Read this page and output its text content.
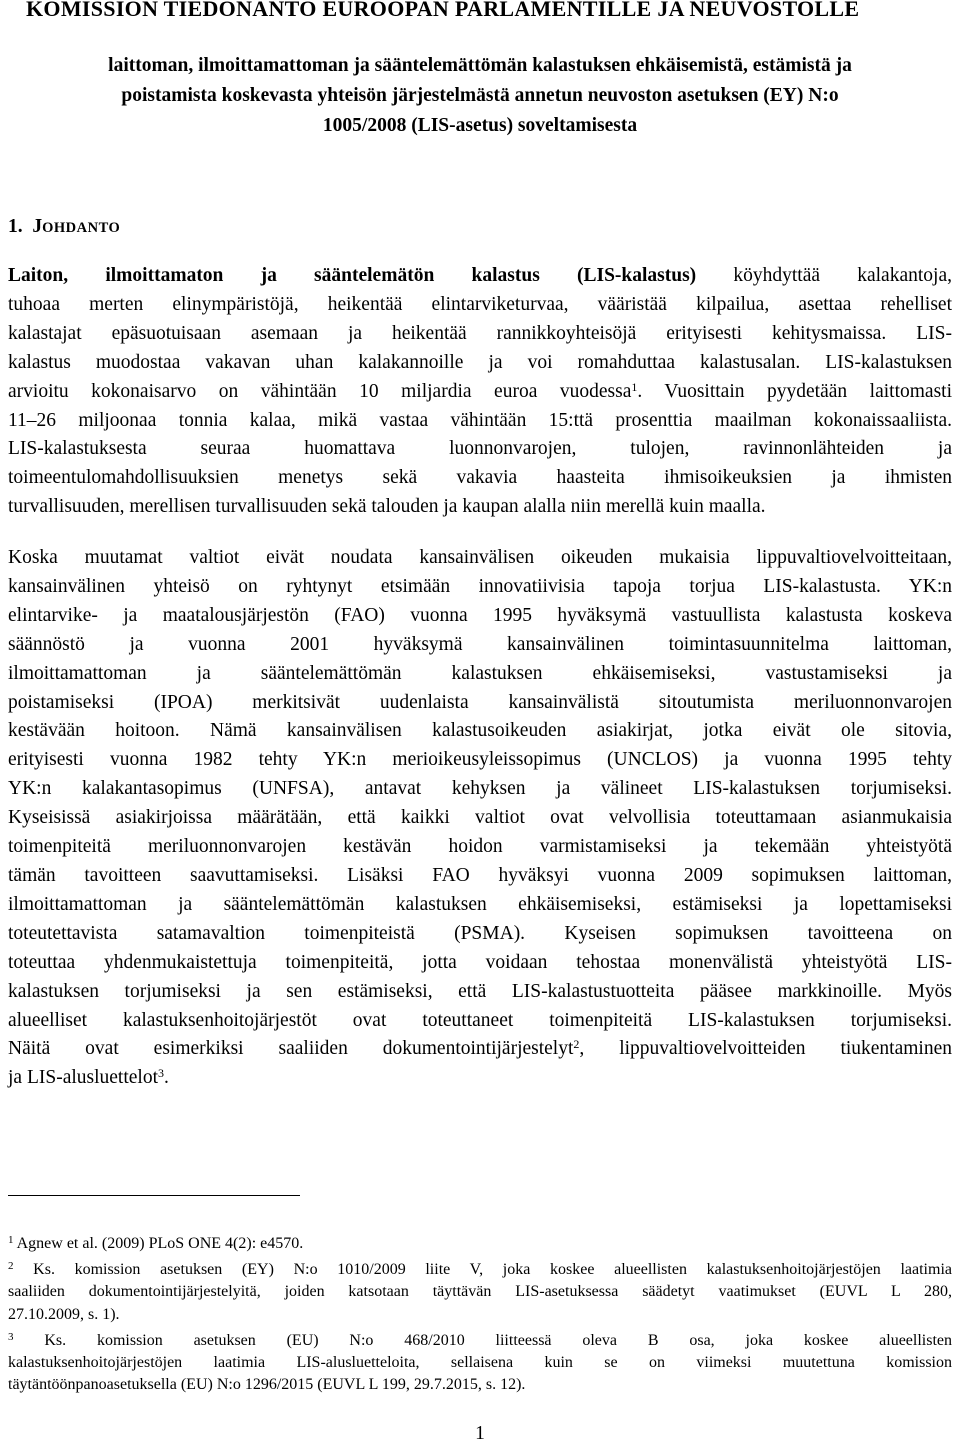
KOMISSION TIEDONANTO EUROOPAN PARLAMENTILLE JA NEUVOSTOLLE
laittoman, ilmoittamattoman ja sääntelemättömän kalastuksen ehkäisemistä, estämistä ja
poistamista koskevasta yhteisön järjestelmästä annetun neuvoston asetuksen (EY) N:o
1005/2008 (LIS-asetus) soveltamisesta
1. JOHDANTO
Laiton, ilmoittamaton ja sääntelemätön kalastus (LIS-kalastus) köyhdyttää kalakantoja,
tuhoaa merten elinympäristöjä, heikentää elintarviketurvaa, vääristää kilpailua, asettaa rehelliset
kalastajat epäsuotuisaan asemaan ja heikentää rannikkoyhteisöjä erityisesti kehitysmaissa. LIS-
kalastus muodostaa vakavan uhan kalakannoille ja voi romahduttaa kalastusalan. LIS-kalastuksen
arvioitu kokonaisarvo on vähintään 10 miljardia euroa vuodessa$^1$. Vuosittain pyydetään laittomasti
11–26 miljoonaa tonnia kalaa, mikä vastaa vähintään 15:ttä prosenttia maailman kokonaissaaliista.
LIS-kalastuksesta seuraa huomattava luonnonvarojen, tulojen, ravinnonlähteiden ja
toimeentulomahdollisuuksien menetys sekä vakavia haasteita ihmisoikeuksien ja ihmisten
turvallisuuden, merellisen turvallisuuden sekä talouden ja kaupan alalla niin merellä kuin maalla.
Koska muutamat valtiot eivät noudata kansainvälisen oikeuden mukaisia lippuvaltiovelvoitteitaan,
kansainvälinen yhteisö on ryhtynyt etsimään innovatiivisia tapoja torjua LIS-kalastusta. YK:n
elintarvike- ja maatalousjärjestön (FAO) vuonna 1995 hyväksymä vastuullista kalastusta koskeva
säännöstö ja vuonna 2001 hyväksymä kansainvälinen toimintasuunnitelma laittoman,
ilmoittamattoman ja sääntelemättömän kalastuksen ehkäisemiseksi, vastustamiseksi ja
poistamiseksi (IPOA) merkitsivät uudenlaista kansainvälistä sitoutumista meriluonnonvarojen
kestävään hoitoon. Nämä kansainvälisen kalastusoikeuden asiakirjat, jotka eivät ole sitovia,
erityisesti vuonna 1982 tehty YK:n merioikeusyleissopimus (UNCLOS) ja vuonna 1995 tehty
YK:n kalakantasopimus (UNFSA), antavat kehyksen ja välineet LIS-kalastuksen torjumiseksi.
Kyseisissä asiakirjoissa määrätään, että kaikki valtiot ovat velvollisia toteuttamaan asianmukaisia
toimenpiteitä meriluonnonvarojen kestävän hoidon varmistamiseksi ja tekemään yhteistyötä
tämän tavoitteen saavuttamiseksi. Lisäksi FAO hyväksyi vuonna 2009 sopimuksen laittoman,
ilmoittamattoman ja sääntelemättömän kalastuksen ehkäisemiseksi, estämiseksi ja lopettamiseksi
toteutettavista satamavaltion toimenpiteistä (PSMA). Kyseisen sopimuksen tavoitteena on
toteuttaa yhdenmukaistettuja toimenpiteitä, jotta voidaan tehostaa monenvälistä yhteistyötä LIS-
kalastuksen torjumiseksi ja sen estämiseksi, että LIS-kalastustuotteita pääsee markkinoille. Myös
alueelliset kalastuksenhoitojärjestöt ovat toteuttaneet toimenpiteitä LIS-kalastuksen torjumiseksi.
Näitä ovat esimerkiksi saaliiden dokumentointijärjestelyt$^2$, lippuvaltiovelvoitteiden tiukentaminen
ja LIS-alusluettelot$^3$.
$^1$ Agnew et al. (2009) PLoS ONE 4(2): e4570.
$^2$ Ks. komission asetuksen (EY) N:o 1010/2009 liite V, joka koskee alueellisten kalastuksenhoitojärjestöjen laatimia
saaliiden dokumentointijärjestelyitä, joiden katsotaan täyttävän LIS-asetuksessa säädetyt vaatimukset (EUVL L 280,
27.10.2009, s. 1).
$^3$ Ks. komission asetuksen (EU) N:o 468/2010 liitteessä oleva B osa, joka koskee alueellisten
kalastuksenhoitojärjestöjen laatimia LIS-alusluetteloita, sellaisena kuin se on viimeksi muutettuna komission
täytäntöönpanoasetuksella (EU) N:o 1296/2015 (EUVL L 199, 29.7.2015, s. 12).
1
